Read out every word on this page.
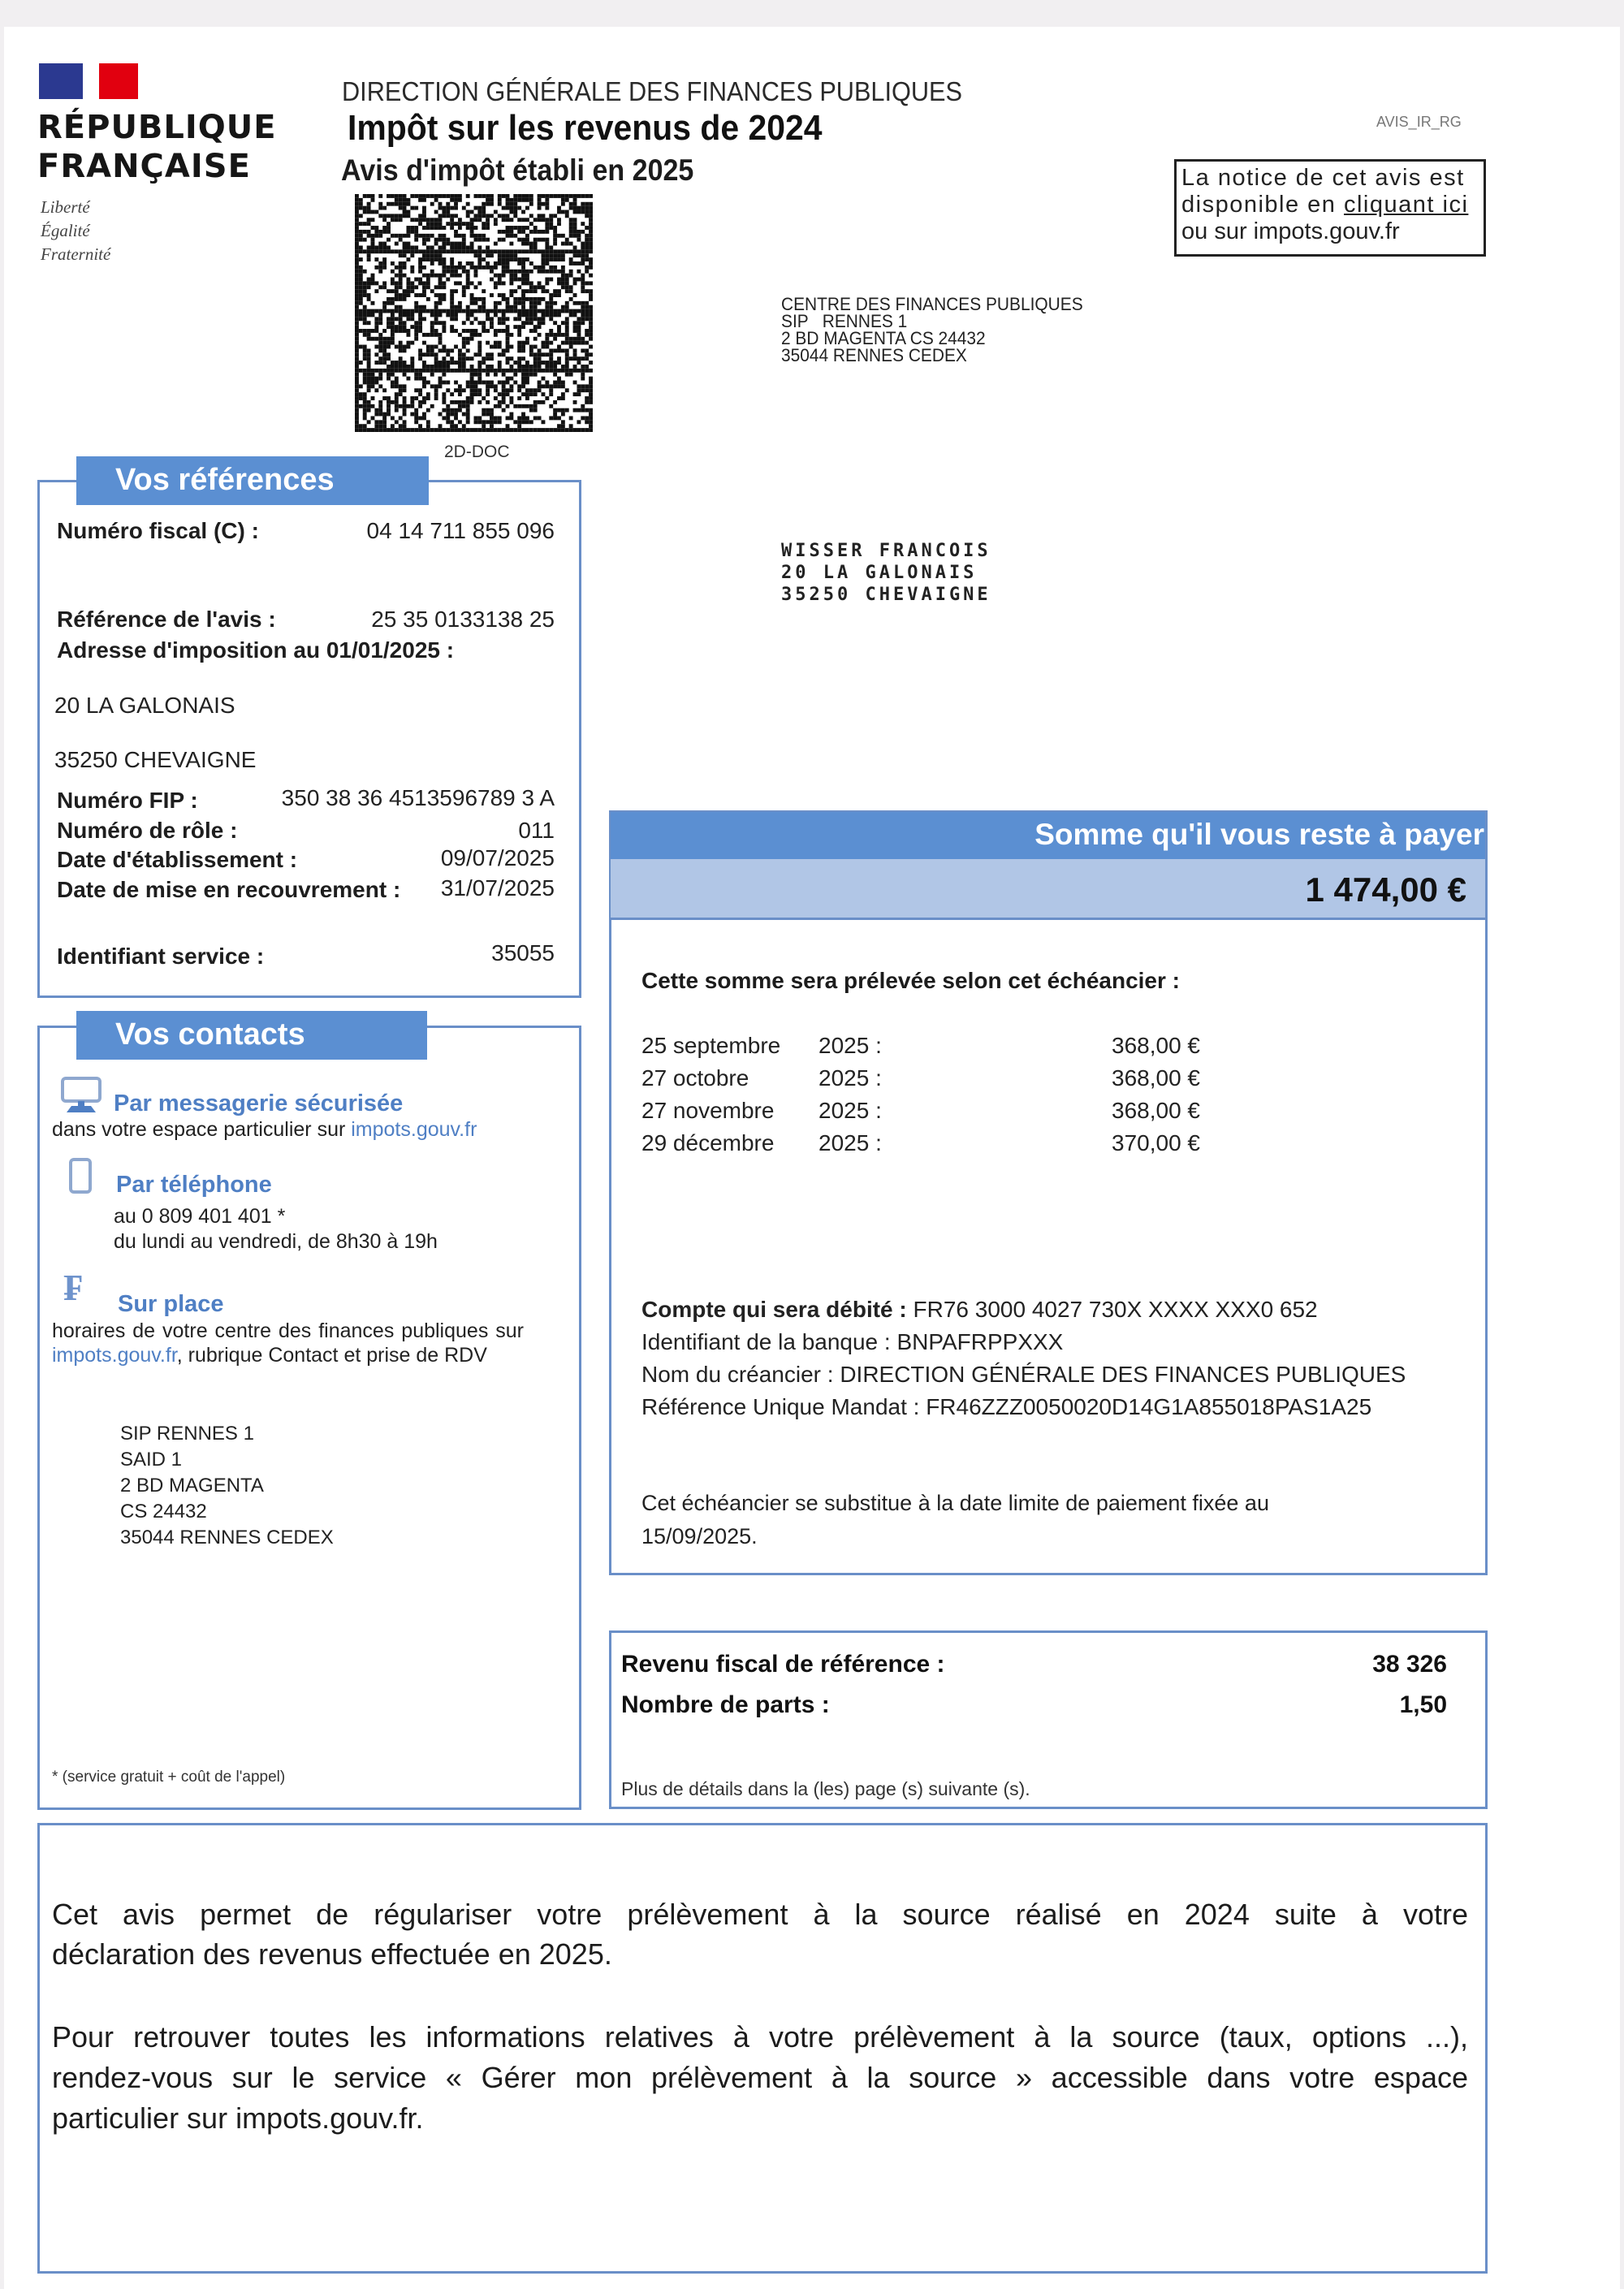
RÉPUBLIQUE
FRANÇAISE
Liberté
Égalité
Fraternité
DIRECTION GÉNÉRALE DES FINANCES PUBLIQUES
Impôt sur les revenus de 2024
Avis d'impôt établi en 2025
AVIS_IR_RG
La notice de cet avis est
disponible en cliquant ici
ou sur impots.gouv.fr
2D-DOC
CENTRE DES FINANCES PUBLIQUES
SIP   RENNES 1
2 BD MAGENTA CS 24432
35044 RENNES CEDEX
WISSER FRANCOIS
20 LA GALONAIS
35250 CHEVAIGNE
Vos références
Numéro fiscal (C) :	04 14 711 855 096
Référence de l'avis :	25 35 0133138 25
Adresse d'imposition au 01/01/2025 :
20 LA GALONAIS
35250 CHEVAIGNE
Numéro FIP :	350 38 36 4513596789 3 A
Numéro de rôle :	011
Date d'établissement :	09/07/2025
Date de mise en recouvrement : 31/07/2025
Identifiant service :	35055
Vos contacts
Par messagerie sécurisée
dans votre espace particulier sur impots.gouv.fr
Par téléphone
au 0 809 401 401 *
du lundi au vendredi, de 8h30 à 19h
₣ Sur place
horaires de votre centre des finances publiques sur
impots.gouv.fr, rubrique Contact et prise de RDV
SIP RENNES 1
SAID 1
2 BD MAGENTA
CS 24432
35044 RENNES CEDEX
* (service gratuit + coût de l'appel)
Somme qu'il vous reste à payer
1 474,00 €
Cette somme sera prélevée selon cet échéancier :
25 septembre 2025 :	368,00 €
27 octobre	2025 :	368,00 €
27 novembre 2025 :	368,00 €
29 décembre 2025 :	370,00 €
Compte qui sera débité : FR76 3000 4027 730X XXXX XXX0 652
Identifiant de la banque : BNPAFRPPXXX
Nom du créancier : DIRECTION GÉNÉRALE DES FINANCES PUBLIQUES
Référence Unique Mandat : FR46ZZZ0050020D14G1A855018PAS1A25
Cet échéancier se substitue à la date limite de paiement fixée au
15/09/2025.
Revenu fiscal de référence :	38 326
Nombre de parts :	1,50
Plus de détails dans la (les) page (s) suivante (s).
Cet avis permet de régulariser votre prélèvement à la source réalisé en 2024 suite à votre
déclaration des revenus effectuée en 2025.
Pour retrouver toutes les informations relatives à votre prélèvement à la source (taux, options ...),
rendez-vous sur le service « Gérer mon prélèvement à la source » accessible dans votre espace
particulier sur impots.gouv.fr.
